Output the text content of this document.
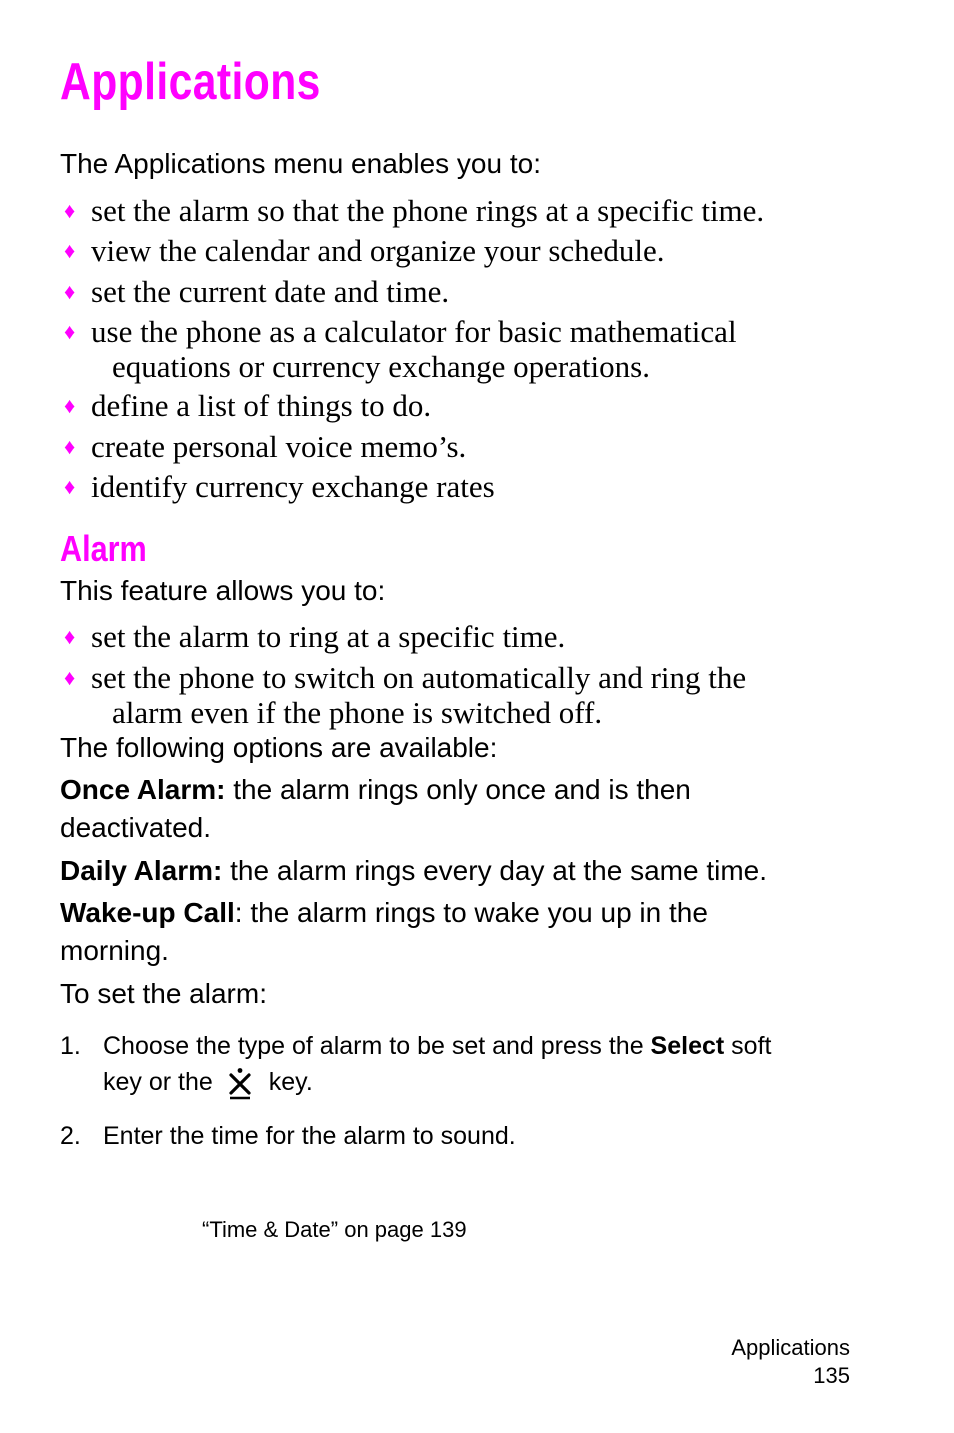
Applications
The Applications menu enables you to:
♦ set the alarm so that the phone rings at a specific time.
♦ view the calendar and organize your schedule.
♦ set the current date and time.
♦ use the phone as a calculator for basic mathematical
equations or currency exchange operations.
♦ define a list of things to do.
♦ create personal voice memo’s.
♦ identify currency exchange rates
Alarm
This feature allows you to:
♦ set the alarm to ring at a specific time.
♦ set the phone to switch on automatically and ring the
alarm even if the phone is switched off.
The following options are available:
Once Alarm: the alarm rings only once and is then
deactivated.
Daily Alarm: the alarm rings every day at the same time.
Wake-up Call: the alarm rings to wake you up in the
morning.
To set the alarm:
1. Choose the type of alarm to be set and press the Select soft
key or the key.
2. Enter the time for the alarm to sound.
“Time & Date” on page 139
Applications
135
